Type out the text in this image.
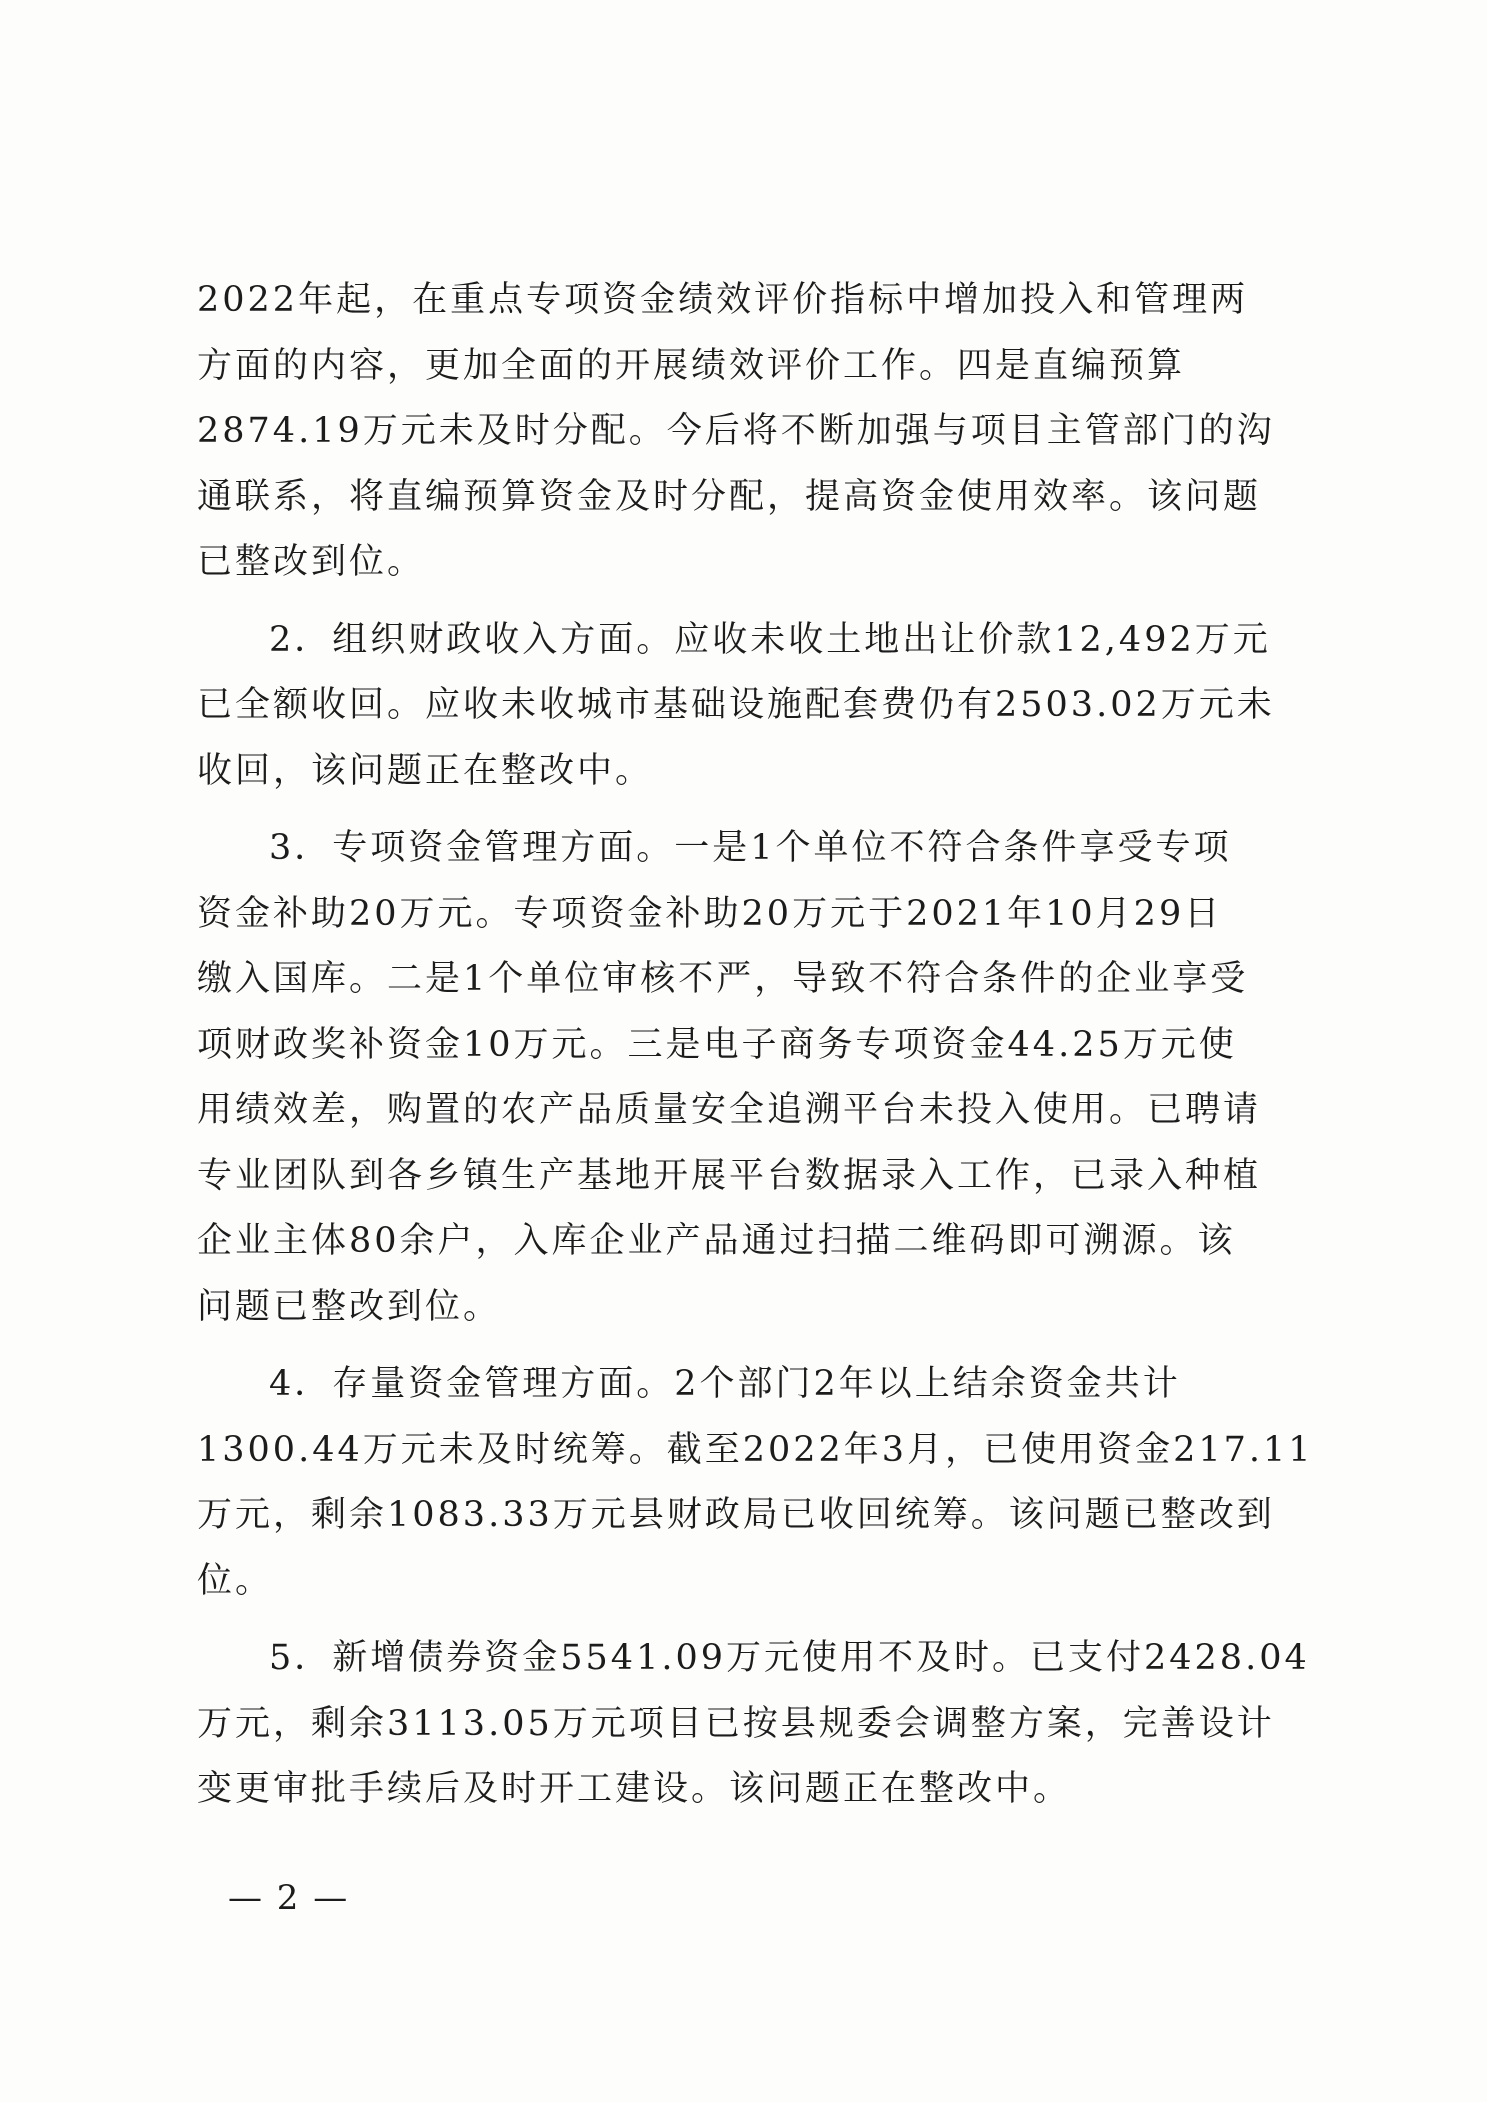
2022年起，在重点专项资金绩效评价指标中增加投入和管理两
方面的内容，更加全面的开展绩效评价工作。四是直编预算
2874.19万元未及时分配。今后将不断加强与项目主管部门的沟
通联系，将直编预算资金及时分配，提高资金使用效率。该问题
已整改到位。

2．组织财政收入方面。应收未收土地出让价款12,492万元
已全额收回。应收未收城市基础设施配套费仍有2503.02万元未
收回，该问题正在整改中。

3．专项资金管理方面。一是1个单位不符合条件享受专项
资金补助20万元。专项资金补助20万元于2021年10月29日
缴入国库。二是1个单位审核不严，导致不符合条件的企业享受
项财政奖补资金10万元。三是电子商务专项资金44.25万元使
用绩效差，购置的农产品质量安全追溯平台未投入使用。已聘请
专业团队到各乡镇生产基地开展平台数据录入工作，已录入种植
企业主体80余户，入库企业产品通过扫描二维码即可溯源。该
问题已整改到位。

4．存量资金管理方面。2个部门2年以上结余资金共计
1300.44万元未及时统筹。截至2022年3月，已使用资金217.11
万元，剩余1083.33万元县财政局已收回统筹。该问题已整改到
位。

5．新增债券资金5541.09万元使用不及时。已支付2428.04
万元，剩余3113.05万元项目已按县规委会调整方案，完善设计
变更审批手续后及时开工建设。该问题正在整改中。

— 2 —
